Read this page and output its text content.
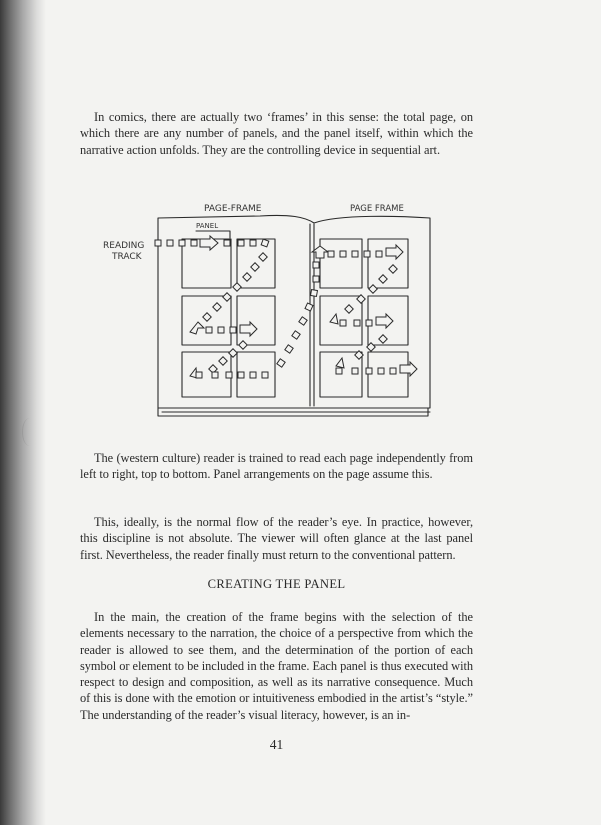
In comics, there are actually two ‘frames’ in this sense: the total page, on which there are any number of panels, and the panel itself, within which the narrative action unfolds. They are the controlling device in sequential art.

PAGE-FRAME	PAGE FRAME
PANEL
READING
TRACK

The (western culture) reader is trained to read each page independently from left to right, top to bottom. Panel arrangements on the page assume this.

This, ideally, is the normal flow of the reader’s eye. In practice, however, this discipline is not absolute. The viewer will often glance at the last panel first. Nevertheless, the reader finally must return to the conventional pattern.

CREATING THE PANEL

In the main, the creation of the frame begins with the selection of the elements necessary to the narration, the choice of a perspective from which the reader is allowed to see them, and the determination of the portion of each symbol or element to be included in the frame. Each panel is thus executed with respect to design and composition, as well as its narrative consequence. Much of this is done with the emotion or intuitiveness embodied in the artist’s “style.” The understanding of the reader’s visual literacy, however, is an in-

41
